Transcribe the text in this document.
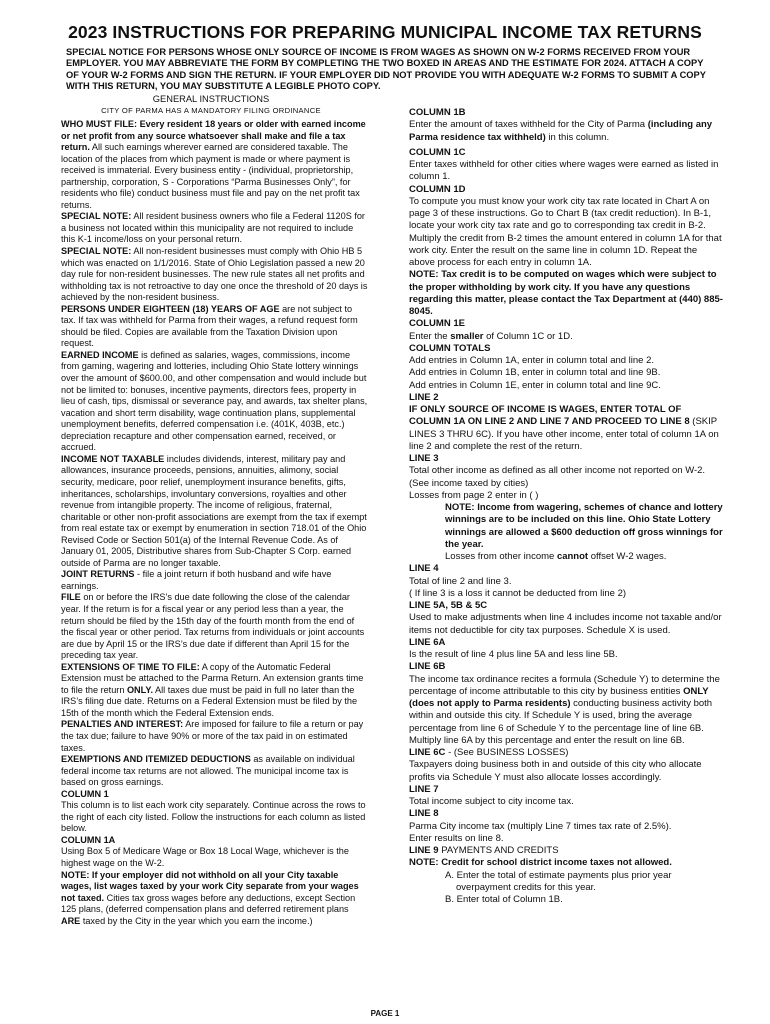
2023 INSTRUCTIONS FOR PREPARING MUNICIPAL INCOME TAX RETURNS
SPECIAL NOTICE FOR PERSONS WHOSE ONLY SOURCE OF INCOME IS FROM WAGES AS SHOWN ON W-2 FORMS RECEIVED FROM YOUR EMPLOYER. YOU MAY ABBREVIATE THE FORM BY COMPLETING THE TWO BOXED IN AREAS AND THE ESTIMATE FOR 2024. ATTACH A COPY OF YOUR W-2 FORMS AND SIGN THE RETURN. IF YOUR EMPLOYER DID NOT PROVIDE YOU WITH ADEQUATE W-2 FORMS TO SUBMIT A COPY WITH THIS RETURN, YOU MAY SUBSTITUTE A LEGIBLE PHOTO COPY.
GENERAL INSTRUCTIONS
CITY OF PARMA HAS A MANDATORY FILING ORDINANCE

WHO MUST FILE: Every resident 18 years or older with earned income or net profit from any source whatsoever shall make and file a tax return. All such earnings wherever earned are considered taxable. The location of the places from which payment is made or where payment is received is immaterial. Every business entity - (individual, proprietorship, partnership, corporation, S - Corporations “Parma Businesses Only”, for residents who file) conduct business must file and pay on the net profit tax returns.

SPECIAL NOTE: All resident business owners who file a Federal 1120S for a business not located within this municipality are not required to include this K-1 income/loss on your personal return.

SPECIAL NOTE: All non-resident businesses must comply with Ohio HB 5 which was enacted on 1/1/2016. State of Ohio Legislation passed a new 20 day rule for non-resident businesses. The new rule states all net profits and withholding tax is not retroactive to day one once the threshold of 20 days is achieved by the non-resident business.

PERSONS UNDER EIGHTEEN (18) YEARS OF AGE are not subject to tax. If tax was withheld for Parma from their wages, a refund request form should be filed. Copies are available from the Taxation Division upon request.

EARNED INCOME is defined as salaries, wages, commissions, income from gaming, wagering and lotteries, including Ohio State lottery winnings over the amount of $600.00, and other compensation and would include but not be limited to: bonuses, incentive payments, directors fees, property in lieu of cash, tips, dismissal or severance pay, and awards, tax shelter plans, vacation and short term disability, wage continuation plans, supplemental unemployment benefits, deferred compensation i.e. (401K, 403B, etc.) depreciation recapture and other compensation earned, received, or accrued.

INCOME NOT TAXABLE includes dividends, interest, military pay and allowances, insurance proceeds, pensions, annuities, alimony, social security, medicare, poor relief, unemployment insurance benefits, gifts, inheritances, scholarships, involuntary conversions, royalties and other revenue from intangible property. The income of religious, fraternal, charitable or other non-profit associations are exempt from the tax if exempt from real estate tax or exempt by enumeration in section 718.01 of the Ohio Revised Code or Section 501(a) of the Internal Revenue Code. As of January 01, 2005, Distributive shares from Sub-Chapter S Corp. earned outside of Parma are no longer taxable.

JOINT RETURNS - file a joint return if both husband and wife have earnings.

FILE on or before the IRS’s due date following the close of the calendar year. If the return is for a fiscal year or any period less than a year, the return should be filed by the 15th day of the fourth month from the end of the fiscal year or other period. Tax returns from individuals or joint accounts are due by April 15 or the IRS’s due date if different than April 15 for the preceding tax year.

EXTENSIONS OF TIME TO FILE: A copy of the Automatic Federal Extension must be attached to the Parma Return. An extension grants time to file the return ONLY. All taxes due must be paid in full no later than the IRS’s filing due date. Returns on a Federal Extension must be filed by the 15th of the month which the Federal Extension ends.

PENALTIES AND INTEREST: Are imposed for failure to file a return or pay the tax due; failure to have 90% or more of the tax paid in on estimated taxes.

EXEMPTIONS AND ITEMIZED DEDUCTIONS as available on individual federal income tax returns are not allowed. The municipal income tax is based on gross earnings.

COLUMN 1

This column is to list each work city separately. Continue across the rows to the right of each city listed. Follow the instructions for each column as listed below.

COLUMN 1A

Using Box 5 of Medicare Wage or Box 18 Local Wage, whichever is the highest wage on the W-2.

NOTE: If your employer did not withhold on all your City taxable wages, list wages taxed by your work City separate from your wages not taxed. Cities tax gross wages before any deductions, except Section 125 plans, (deferred compensation plans and deferred retirement plans ARE taxed by the City in the year which you earn the income.)

COLUMN 1B

Enter the amount of taxes withheld for the City of Parma (including any Parma residence tax withheld) in this column.

COLUMN 1C

Enter taxes withheld for other cities where wages were earned as listed in column 1.

COLUMN 1D

To compute you must know your work city tax rate located in Chart A on page 3 of these instructions. Go to Chart B (tax credit reduction). In B-1, locate your work city tax rate and go to corresponding tax credit in B-2. Multiply the credit from B-2 times the amount entered in column 1A for that work city. Enter the result on the same line in column 1D. Repeat the above process for each entry in column 1A.

NOTE: Tax credit is to be computed on wages which were subject to the proper withholding by work city. If you have any questions regarding this matter, please contact the Tax Department at (440) 885-8045.

COLUMN 1E

Enter the smaller of Column 1C or 1D.

COLUMN TOTALS

Add entries in Column 1A, enter in column total and line 2.

Add entries in Column 1B, enter in column total and line 9B.

Add entries in Column 1E, enter in column total and line 9C.

LINE 2

IF ONLY SOURCE OF INCOME IS WAGES, ENTER TOTAL OF COLUMN 1A ON LINE 2 AND LINE 7 AND PROCEED TO LINE 8 (SKIP LINES 3 THRU 6C). If you have other income, enter total of column 1A on line 2 and complete the rest of the return.

LINE 3

Total other income as defined as all other income not reported on W-2. (See income taxed by cities)

Losses from page 2 enter in ( )

NOTE: Income from wagering, schemes of chance and lottery winnings are to be included on this line. Ohio State Lottery winnings are allowed a $600 deduction off gross winnings for the year.

Losses from other income cannot offset W-2 wages.

LINE 4

Total of line 2 and line 3.

( If line 3 is a loss it cannot be deducted from line 2)

LINE 5A, 5B & 5C

Used to make adjustments when line 4 includes income not taxable and/or items not deductible for city tax purposes. Schedule X is used.

LINE 6A

Is the result of line 4 plus line 5A and less line 5B.

LINE 6B

The income tax ordinance recites a formula (Schedule Y) to determine the percentage of income attributable to this city by business entities ONLY (does not apply to Parma residents) conducting business activity both within and outside this city. If Schedule Y is used, bring the average percentage from line 6 of Schedule Y to the percentage line of line 6B. Multiply line 6A by this percentage and enter the result on line 6B.

LINE 6C - (See BUSINESS LOSSES)

Taxpayers doing business both in and outside of this city who allocate profits via Schedule Y must also allocate losses accordingly.

LINE 7

Total income subject to city income tax.

LINE 8

Parma City income tax (multiply Line 7 times tax rate of 2.5%).

Enter results on line 8.

LINE 9 PAYMENTS AND CREDITS

NOTE: Credit for school district income taxes not allowed.

A. Enter the total of estimate payments plus prior year overpayment credits for this year.

B. Enter total of Column 1B.

PAGE 1
